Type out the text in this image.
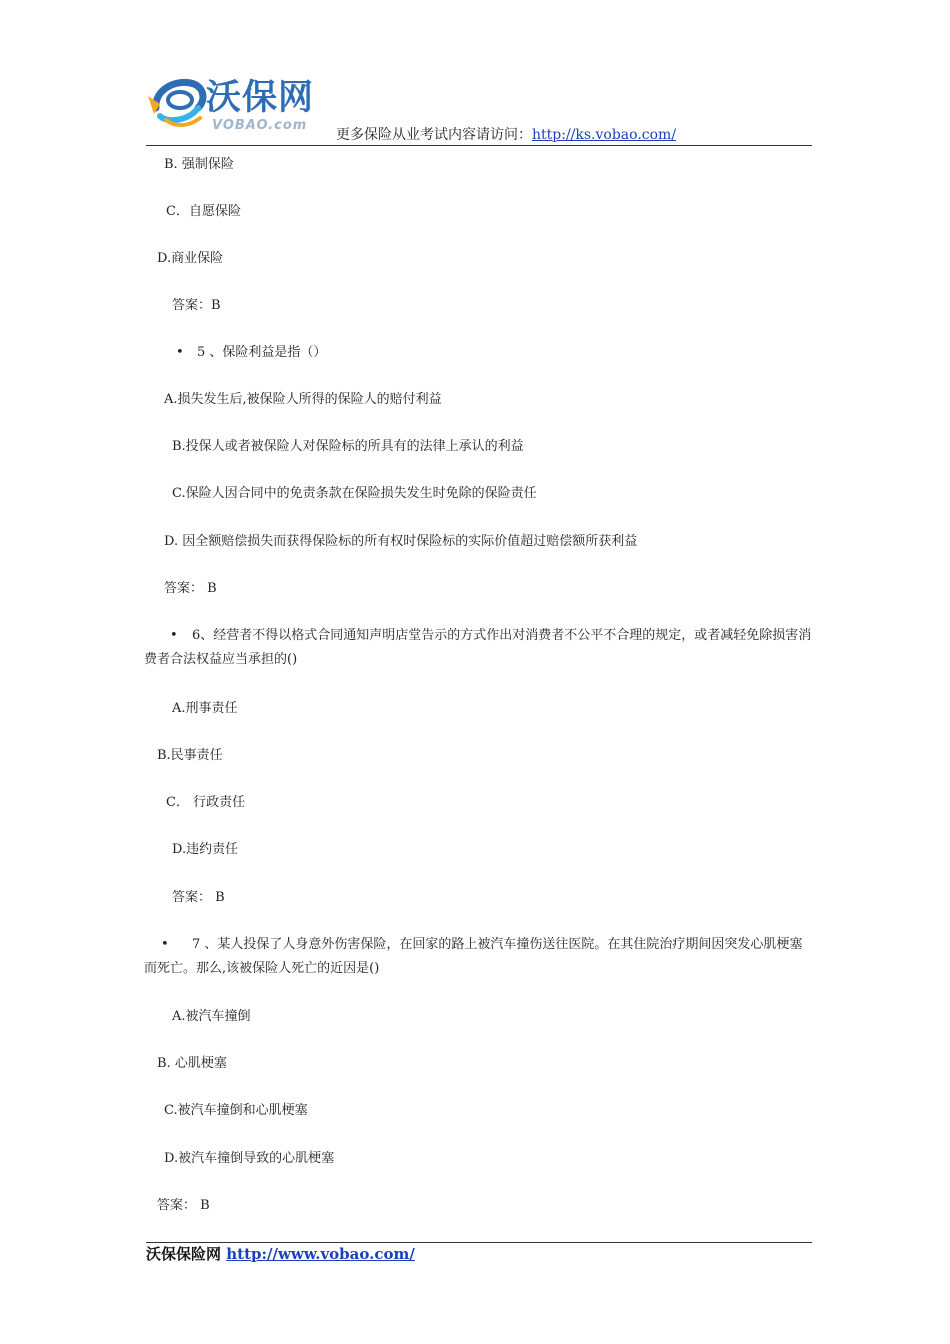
沃保网
VOBAO.com
更多保险从业考试内容请访问：http://ks.vobao.com/
B. 强制保险
C．自愿保险
D.商业保险
答案：B
• 5 、保险利益是指（）
A.损失发生后,被保险人所得的保险人的赔付利益
B.投保人或者被保险人对保险标的所具有的法律上承认的利益
C.保险人因合同中的免责条款在保险损失发生时免除的保险责任
D. 因全额赔偿损失而获得保险标的所有权时保险标的实际价值超过赔偿额所获利益
答案： B
•	6、经营者不得以格式合同通知声明店堂告示的方式作出对消费者不公平不合理的规定，或者减轻免除损害消费者合法权益应当承担的()
A.刑事责任
B.民事责任
C． 行政责任
D.违约责任
答案： B
•	7 、某人投保了人身意外伤害保险，在回家的路上被汽车撞伤送往医院。在其住院治疗期间因突发心肌梗塞而死亡。那么,该被保险人死亡的近因是()
A.被汽车撞倒
B. 心肌梗塞
C.被汽车撞倒和心肌梗塞
D.被汽车撞倒导致的心肌梗塞
答案： B
沃保保险网 http://www.vobao.com/
